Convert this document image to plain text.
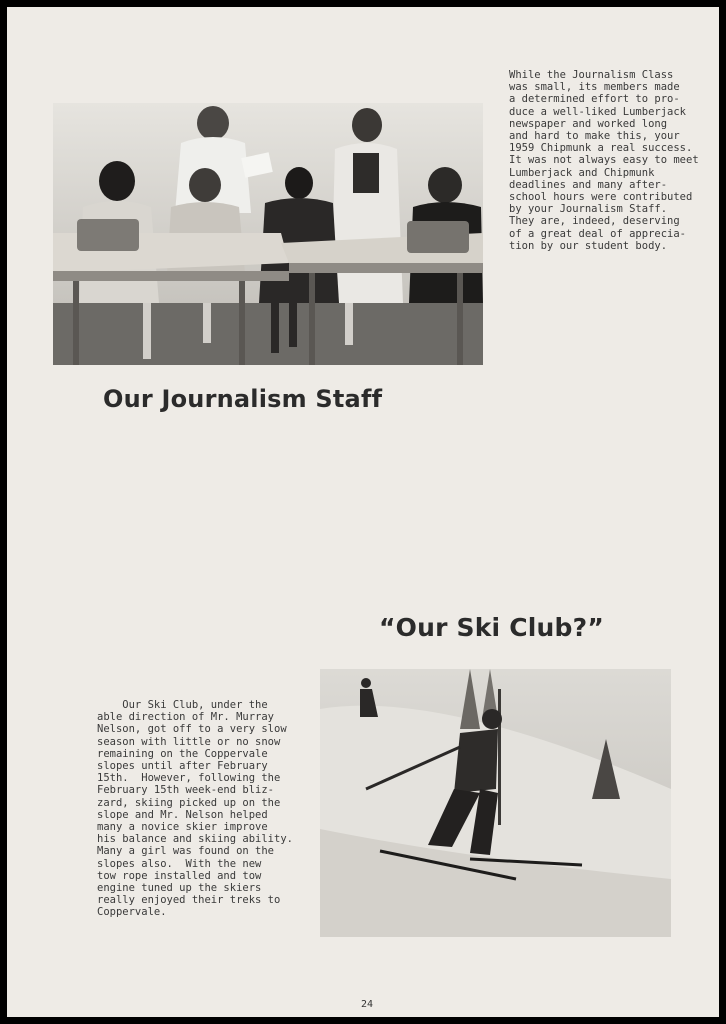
While the Journalism Class
was small, its members made
a determined effort to pro-
duce a well-liked Lumberjack
newspaper and worked long
and hard to make this, your
1959 Chipmunk a real success.
It was not always easy to meet
Lumberjack and Chipmunk
deadlines and many after-
school hours were contributed
by your Journalism Staff.
They are, indeed, deserving
of a great deal of apprecia-
tion by our student body.

Our Journalism Staff
“Our Ski Club?”

Our Ski Club, under the
able direction of Mr. Murray
Nelson, got off to a very slow
season with little or no snow
remaining on the Coppervale
slopes until after February
15th.  However, following the
February 15th week-end bliz-
zard, skiing picked up on the
slope and Mr. Nelson helped
many a novice skier improve
his balance and skiing ability.
Many a girl was found on the
slopes also.  With the new
tow rope installed and tow
engine tuned up the skiers
really enjoyed their treks to
Coppervale.

24
